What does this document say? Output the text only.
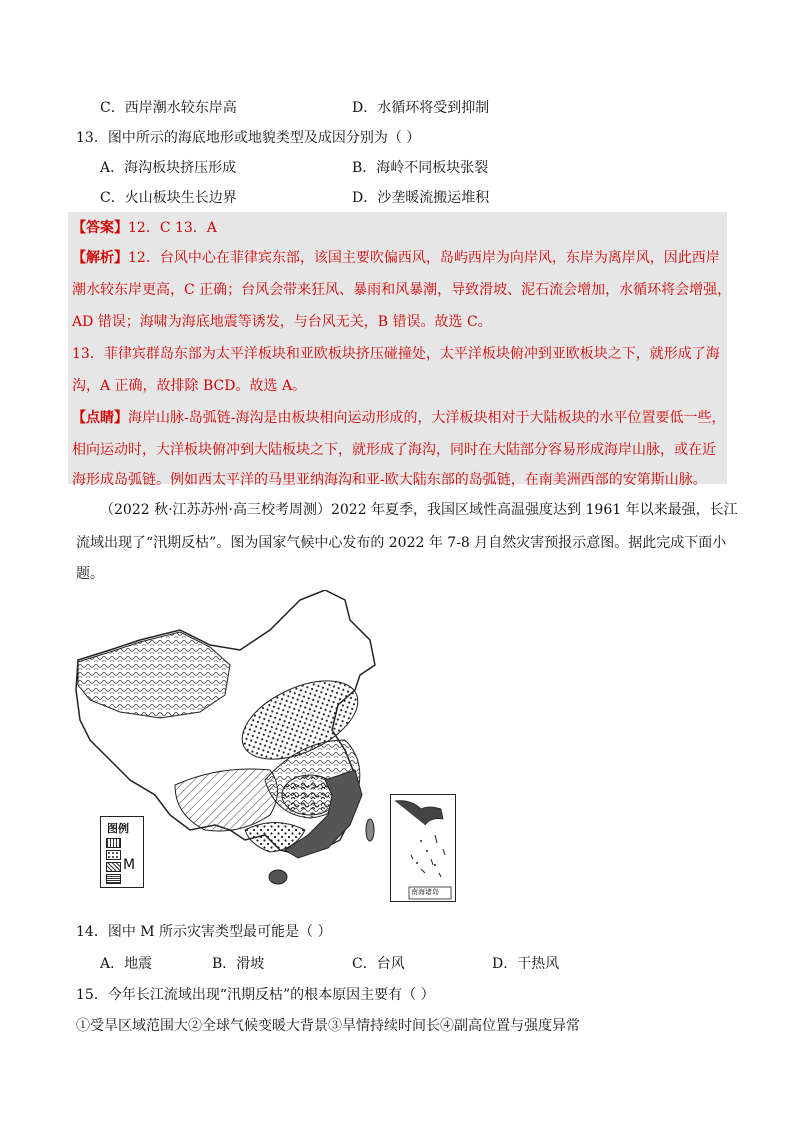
C．西岸潮水较东岸高	D．水循环将受到抑制
13．图中所示的海底地形或地貌类型及成因分别为（ ）
A．海沟板块挤压形成	B．海岭不同板块张裂
C．火山板块生长边界	D．沙垄暖流搬运堆积
【答案】12．C 13．A
【解析】12．台风中心在菲律宾东部，该国主要吹偏西风，岛屿西岸为向岸风，东岸为离岸风，因此西岸
潮水较东岸更高，C 正确；台风会带来狂风、暴雨和风暴潮，导致滑坡、泥石流会增加，水循环将会增强，
AD 错误；海啸为海底地震等诱发，与台风无关，B 错误。故选 C。
13．菲律宾群岛东部为太平洋板块和亚欧板块挤压碰撞处，太平洋板块俯冲到亚欧板块之下，就形成了海
沟，A 正确，故排除 BCD。故选 A。
【点睛】海岸山脉-岛弧链-海沟是由板块相向运动形成的，大洋板块相对于大陆板块的水平位置要低一些，
相向运动时，大洋板块俯冲到大陆板块之下，就形成了海沟，同时在大陆部分容易形成海岸山脉，或在近
海形成岛弧链。例如西太平洋的马里亚纳海沟和亚-欧大陆东部的岛弧链，在南美洲西部的安第斯山脉。
（2022 秋·江苏苏州·高三校考周测）2022 年夏季，我国区域性高温强度达到 1961 年以来最强，长江
流域出现了“汛期反枯”。图为国家气候中心发布的 2022 年 7-8 月自然灾害预报示意图。据此完成下面小
题。
图例
M
南海诸岛
14．图中 M 所示灾害类型最可能是（ ）
A．地震	B．滑坡	C．台风	D．干热风
15．今年长江流域出现“汛期反枯”的根本原因主要有（ ）
①受旱区域范围大②全球气候变暖大背景③旱情持续时间长④副高位置与强度异常
